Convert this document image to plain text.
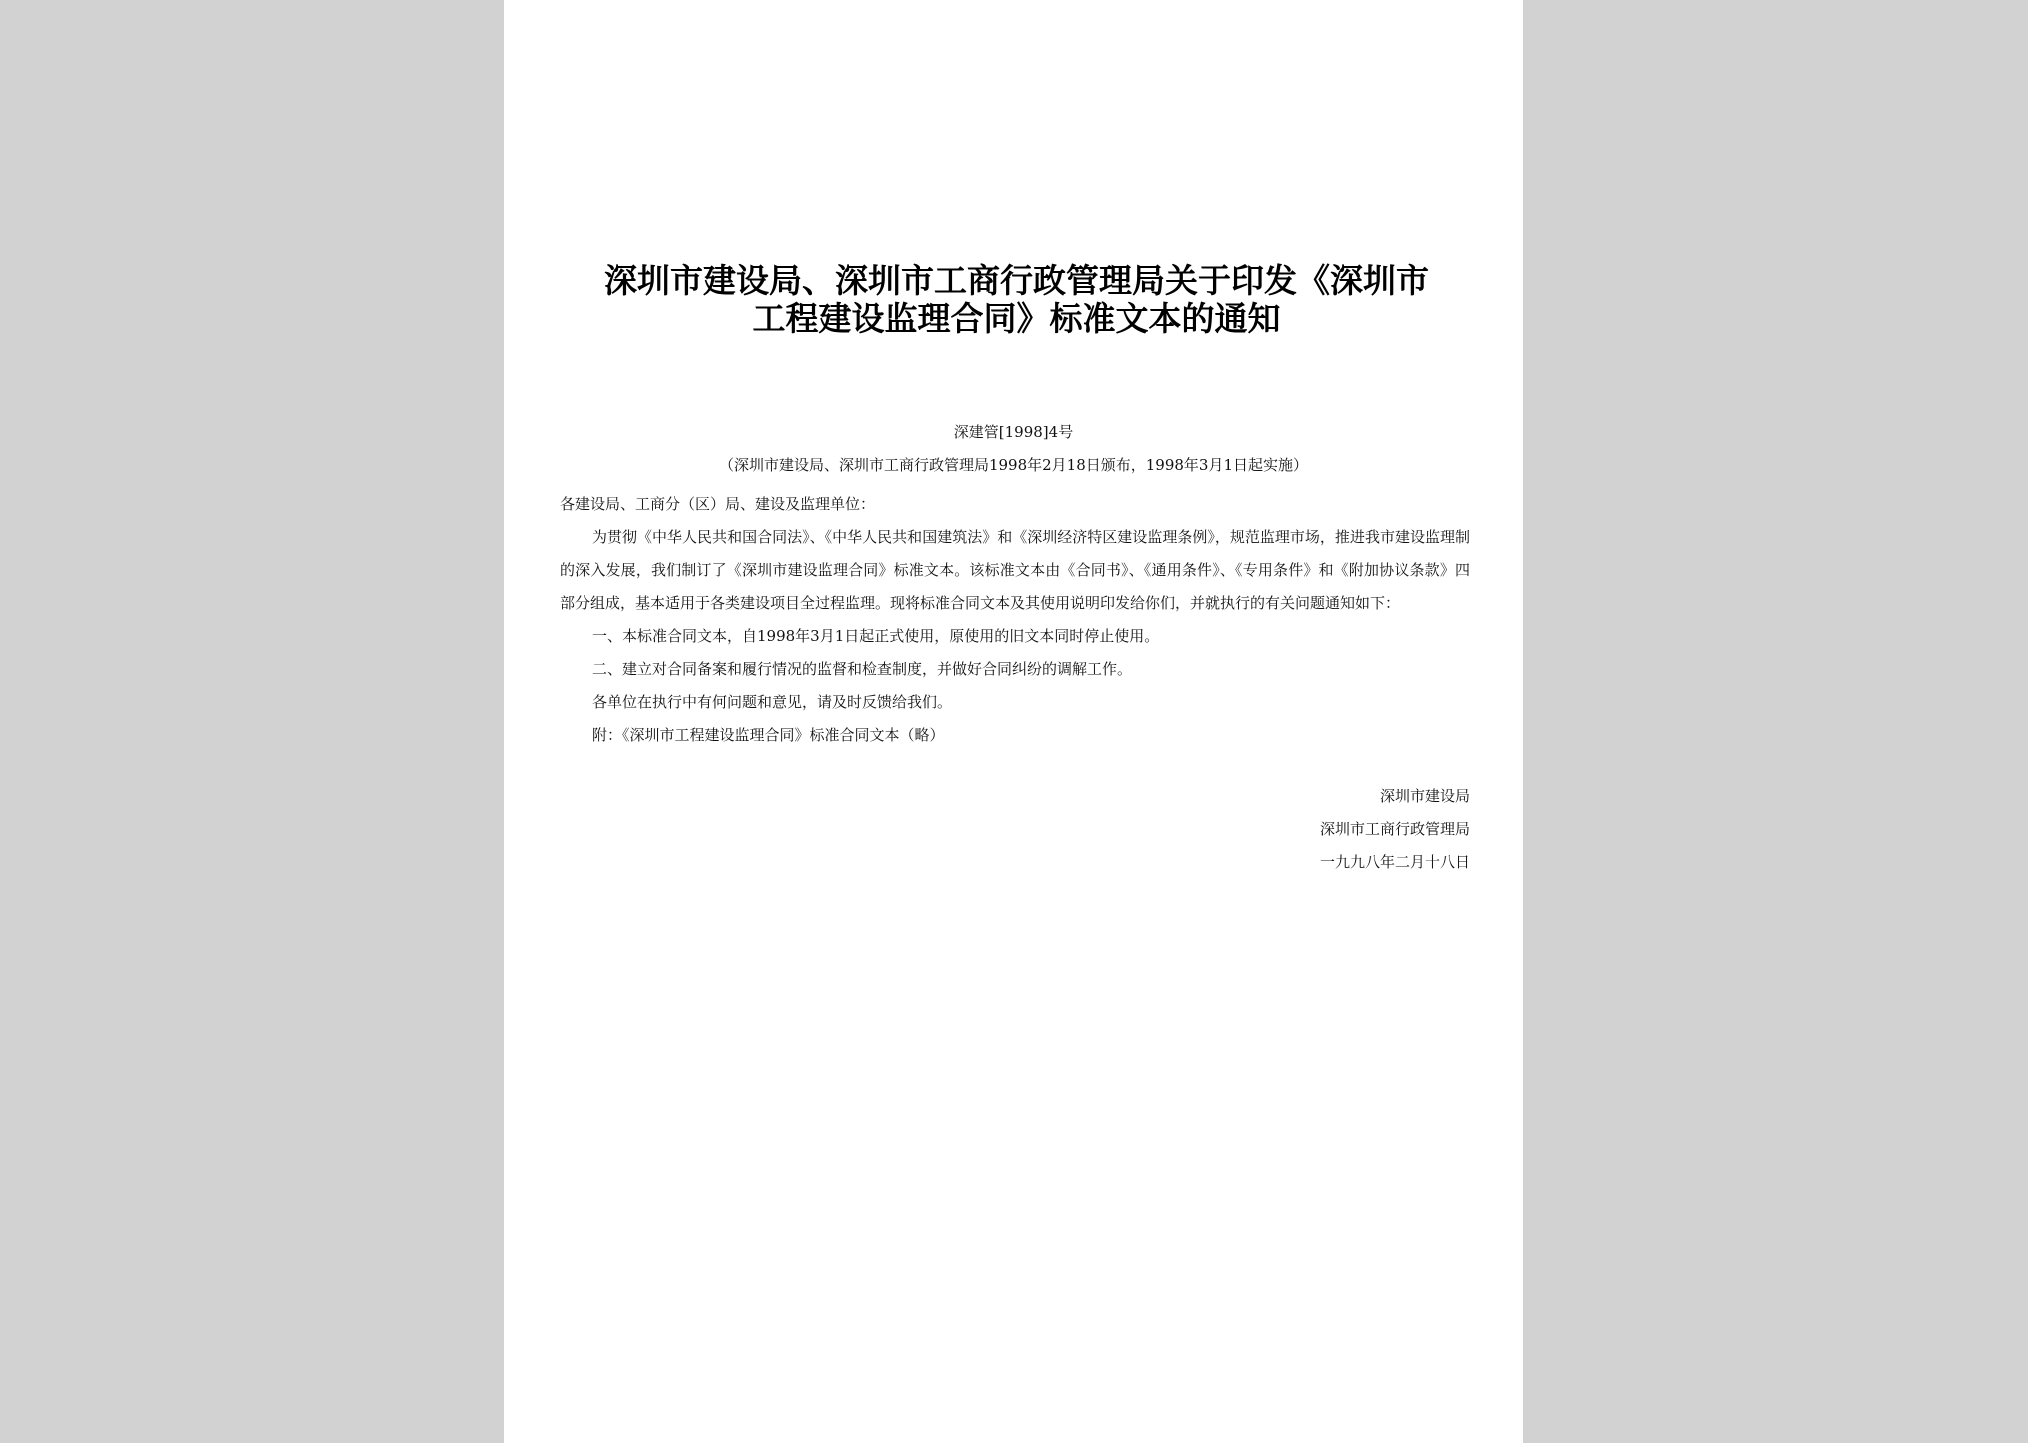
深圳市建设局、深圳市工商行政管理局关于印发《深圳市工程建设监理合同》标准文本的通知
深建管[1998]4号
（深圳市建设局、深圳市工商行政管理局1998年2月18日颁布，1998年3月1日起实施）

各建设局、工商分（区）局、建设及监理单位：

为贯彻《中华人民共和国合同法》、《中华人民共和国建筑法》和《深圳经济特区建设监理条例》，规范监理市场，推进我市建设监理制的深入发展，我们制订了《深圳市建设监理合同》标准文本。该标准文本由《合同书》、《通用条件》、《专用条件》和《附加协议条款》四部分组成，基本适用于各类建设项目全过程监理。现将标准合同文本及其使用说明印发给你们，并就执行的有关问题通知如下：

一、本标准合同文本，自1998年3月1日起正式使用，原使用的旧文本同时停止使用。

二、建立对合同备案和履行情况的监督和检查制度，并做好合同纠纷的调解工作。

各单位在执行中有何问题和意见，请及时反馈给我们。

附：《深圳市工程建设监理合同》标准合同文本（略）

深圳市建设局
深圳市工商行政管理局
一九九八年二月十八日
